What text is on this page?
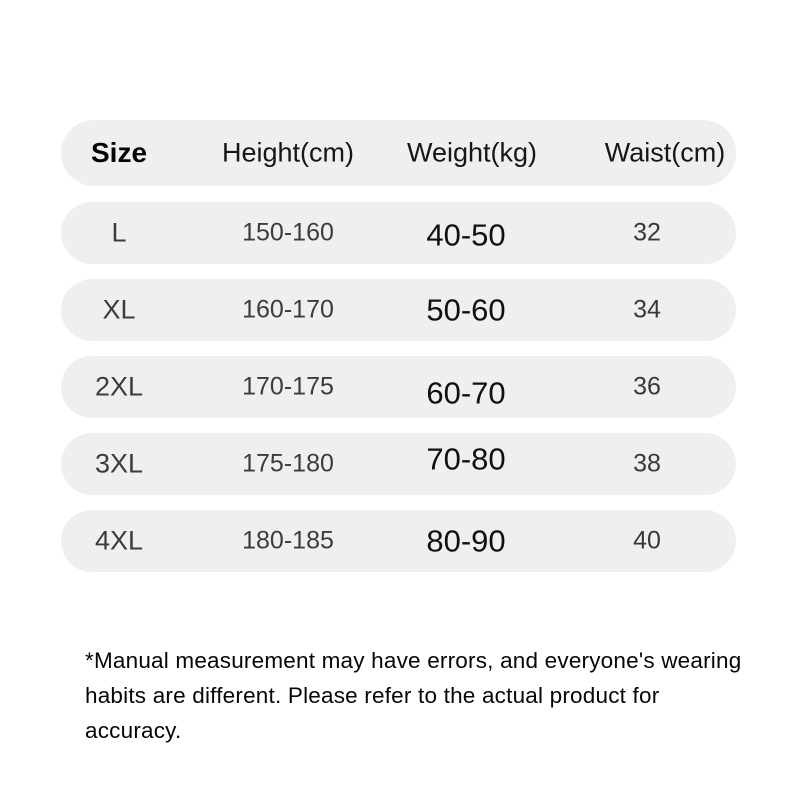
Size	Height(cm) Weight(kg)	Waist(cm)
L	150-160	40-50	32
XL	160-170	50-60	34
2XL	170-175	60-70	36
3XL	175-180	70-80	38
4XL	180-185	80-90	40
*Manual measurement may have errors, and everyone's wearing
habits are different. Please refer to the actual product for accuracy.
